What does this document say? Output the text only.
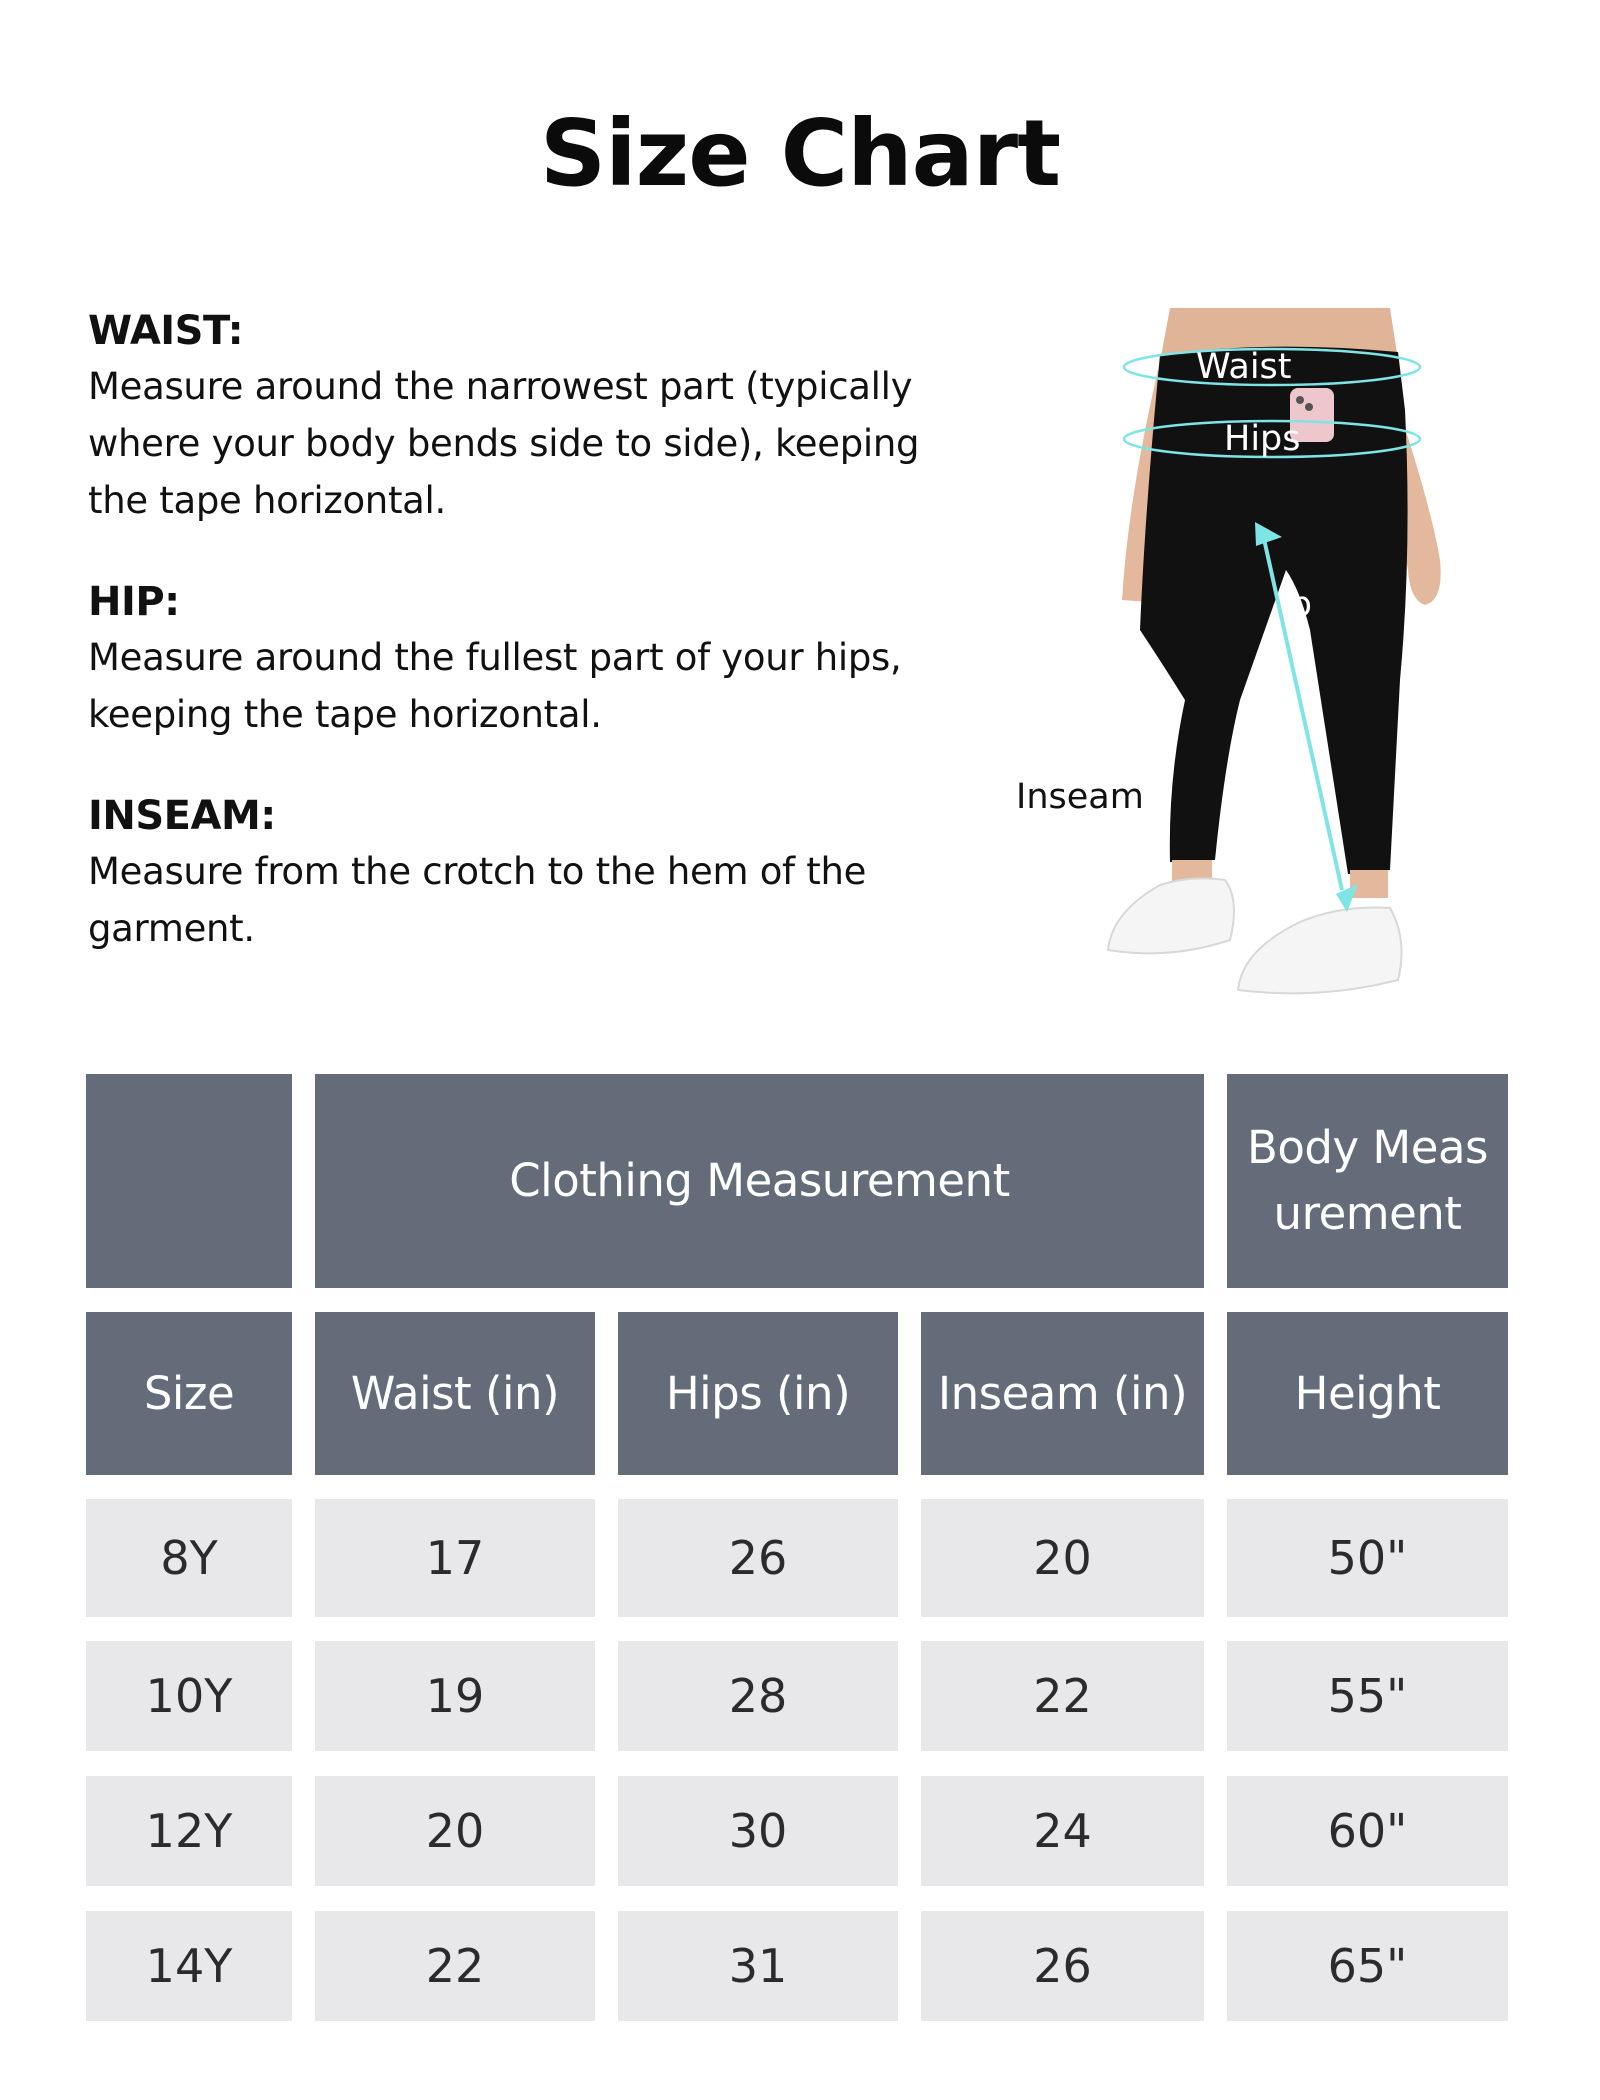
Size Chart
WAIST:

Measure around the narrowest part (typically where your body bends side to side), keeping the tape horizontal.

HIP:

Measure around the fullest part of your hips, keeping the tape horizontal.

INSEAM:

Measure from the crotch to the hem of the garment.

Waist
Hips
ip
Inseam
Clothing Measurement
Body Measurement
Size	Waist (in)	Hips (in)	Inseam (in)	Height
8Y	17	26	20	50"
10Y	19	28	22	55"
12Y	20	30	24	60"
14Y	22	31	26	65"
